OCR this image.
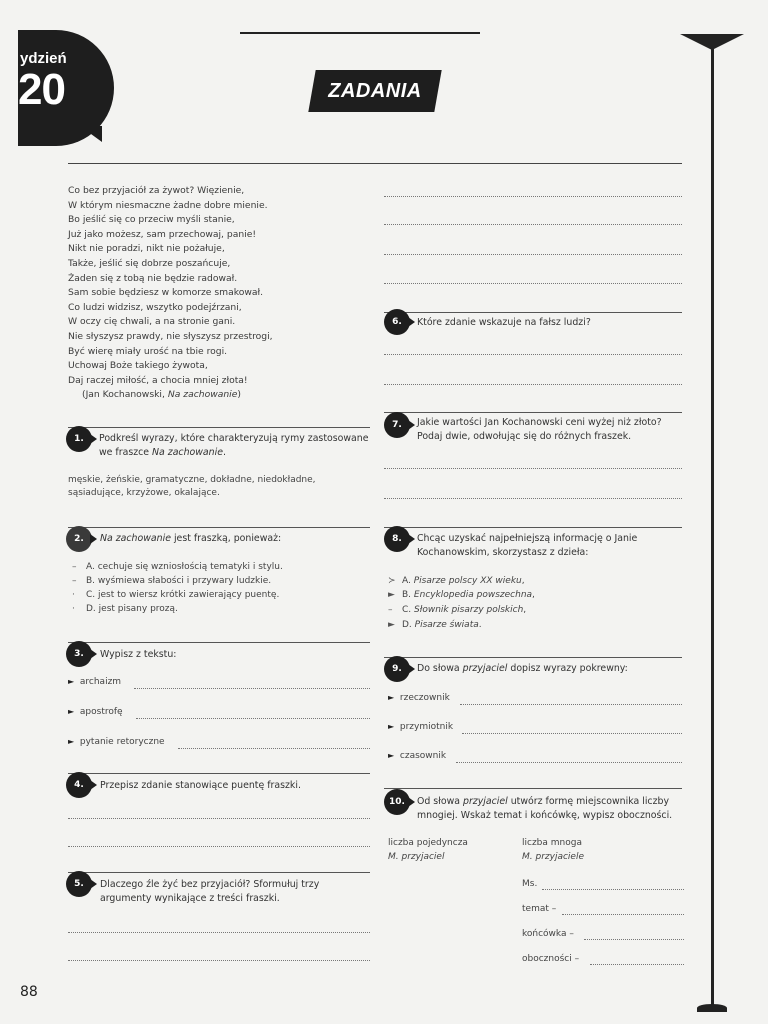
ydzień
20	ZADANIA
Co bez przyjaciół za żywot? Więzienie,
W którym niesmaczne żadne dobre mienie.
Bo jeślić się co przeciw myśli stanie,
Już jako możesz, sam przechowaj, panie!
Nikt nie poradzi, nikt nie pożałuje,
Także, jeślić się dobrze poszańcuje,
Żaden się z tobą nie będzie radował.
Sam sobie będziesz w komorze smakował.
Co ludzi widzisz, wszytko podejźrzani,
W oczy cię chwali, a na stronie gani.
Nie słyszysz prawdy, nie słyszysz przestrogi,
Być wierę miały urość na tbie rogi.
Uchowaj Boże takiego żywota,
Daj raczej miłość, a chocia mniej złota!
(Jan Kochanowski, Na zachowanie)
1.	Podkreśl wyrazy, które charakteryzują rymy zastosowane we fraszce Na zachowanie.
męskie, żeńskie, gramatyczne, dokładne, niedokładne, sąsiadujące, krzyżowe, okalające.
2.	Na zachowanie jest fraszką, ponieważ:
– A. cechuje się wzniosłością tematyki i stylu.
– B. wyśmiewa słabości i przywary ludzkie.
· C. jest to wiersz krótki zawierający puentę.
· D. jest pisany prozą.
3.	Wypisz z tekstu:
► archaizm
► apostrofę
► pytanie retoryczne
4.	Przepisz zdanie stanowiące puentę fraszki.
5.	Dlaczego źle żyć bez przyjaciół? Sformułuj trzy argumenty wynikające z treści fraszki.
6.	Które zdanie wskazuje na fałsz ludzi?
7.	Jakie wartości Jan Kochanowski ceni wyżej niż złoto? Podaj dwie, odwołując się do różnych fraszek.
8.	Chcąc uzyskać najpełniejszą informację o Janie Kochanowskim, skorzystasz z dzieła:
≻ A. Pisarze polscy XX wieku,
► B. Encyklopedia powszechna,
– C. Słownik pisarzy polskich,
► D. Pisarze świata.
9.	Do słowa przyjaciel dopisz wyrazy pokrewny:
► rzeczownik
► przymiotnik
► czasownik
10.	Od słowa przyjaciel utwórz formę miejscownika liczby mnogiej. Wskaż temat i końcówkę, wypisz oboczności.
liczba pojedyncza
M. przyjaciel
liczba mnoga
M. przyjaciele
Ms.
temat –
końcówka –
oboczności –
88
